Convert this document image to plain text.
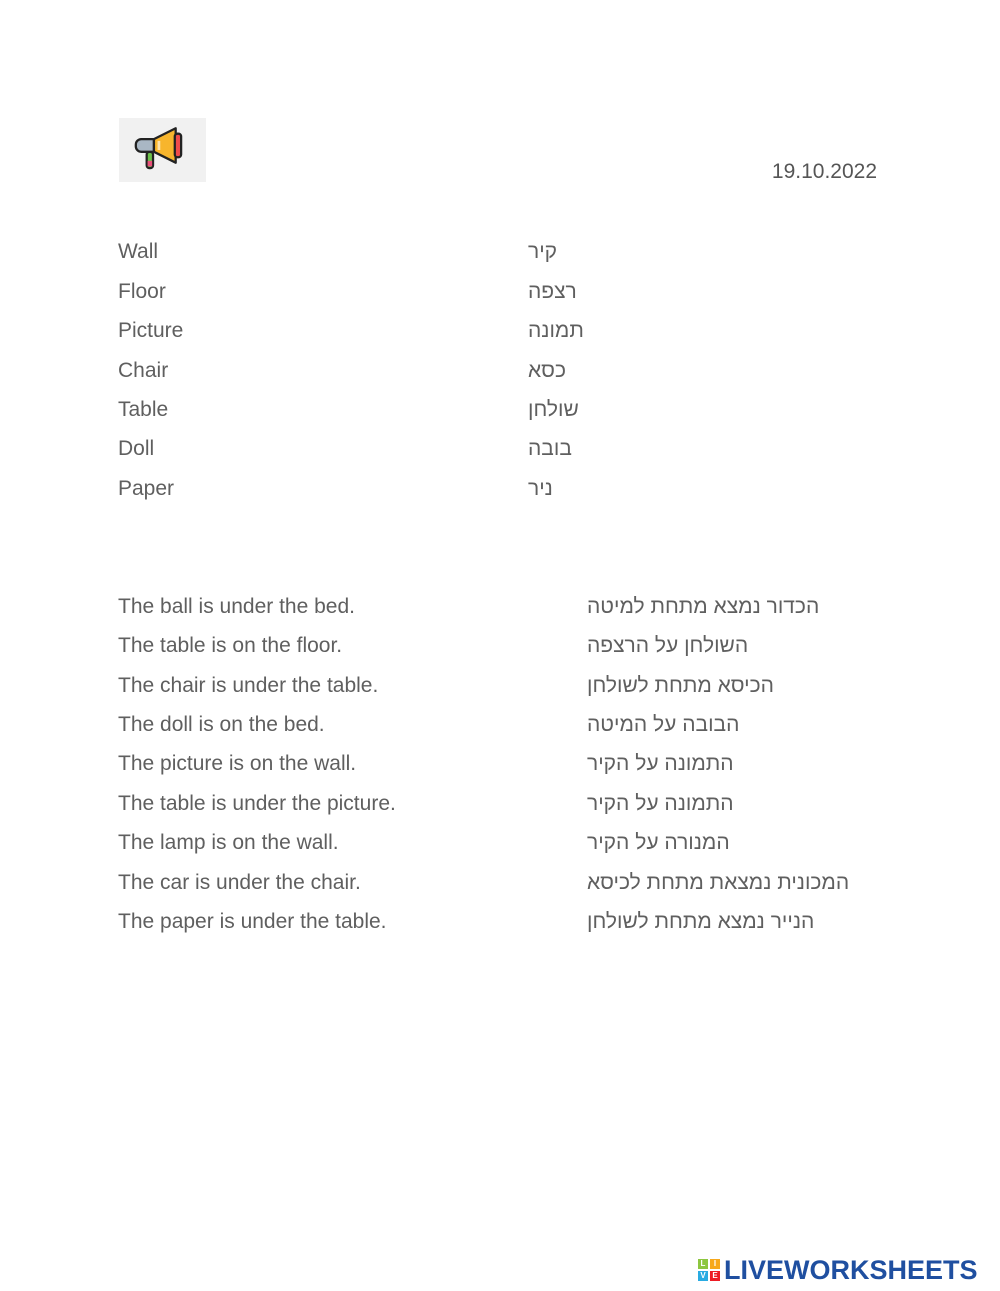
19.10.2022
Wall	קיר
Floor	רצפה
Picture	תמונה
Chair	כסא
Table	שולחן
Doll	בובה
Paper	ניר
The ball is under the bed.	הכדור נמצא מתחת למיטה
The table is on the floor.	השולחן על הרצפה
The chair is under the table.	הכיסא מתחת לשולחן
The doll is on the bed.	הבובה על המיטה
The picture is on the wall.	התמונה על הקיר
The table is under the picture.	התמונה על הקיר
The lamp is on the wall.	המנורה על הקיר
The car is under the chair.	המכונית נמצאת מתחת לכיסא
The paper is under the table.	הנייר נמצא מתחת לשולחן
L	I
V E LIVEWORKSHEETS
